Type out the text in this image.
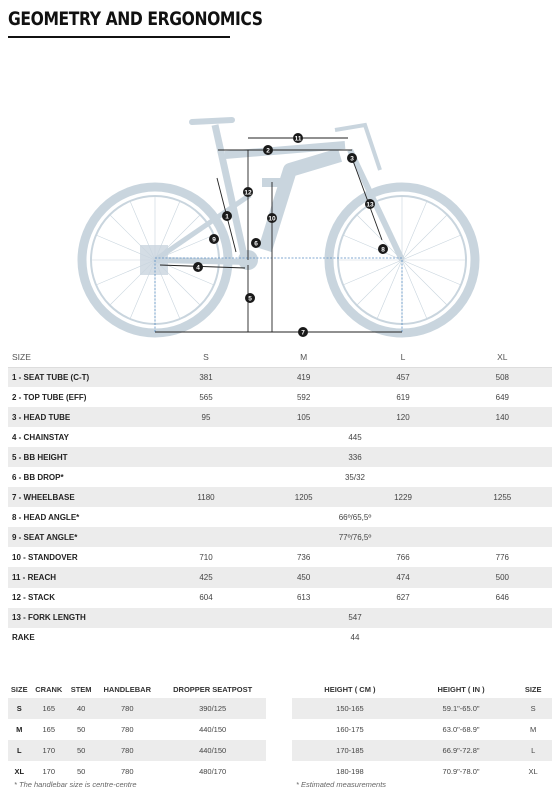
GEOMETRY AND ERGONOMICS
1
2
3
4
5
6
7
8
9
10
11
12
13
SIZE	S	M	L	XL
1 - SEAT TUBE (C-T)	381	419	457	508
2 - TOP TUBE (EFF)	565	592	619	649
3 - HEAD TUBE	95	105	120	140
4 - CHAINSTAY	445			
5 - BB HEIGHT	336			
6 - BB DROP*	35/32			
7 - WHEELBASE	1180	1205	1229	1255
8 - HEAD ANGLE*	66º/65,5º			
9 - SEAT ANGLE*	77º/76,5º			
10 - STANDOVER	710	736	766	776
11 - REACH	425	450	474	500
12 - STACK	604	613	627	646
13 - FORK LENGTH	547			
RAKE	44			
SIZE	CRANK	STEM	HANDLEBAR	DROPPER SEATPOST
S	165	40	780	390/125
M	165	50	780	440/150
L	170	50	780	440/150
XL	170	50	780	480/170
HEIGHT ( CM )	HEIGHT ( IN )	SIZE
150-165	59.1"-65.0"	S
160-175	63.0"-68.9"	M
170-185	66.9"-72.8"	L
180-198	70.9"-78.0"	XL
* The handlebar size is centre-centre	* Estimated measurements
